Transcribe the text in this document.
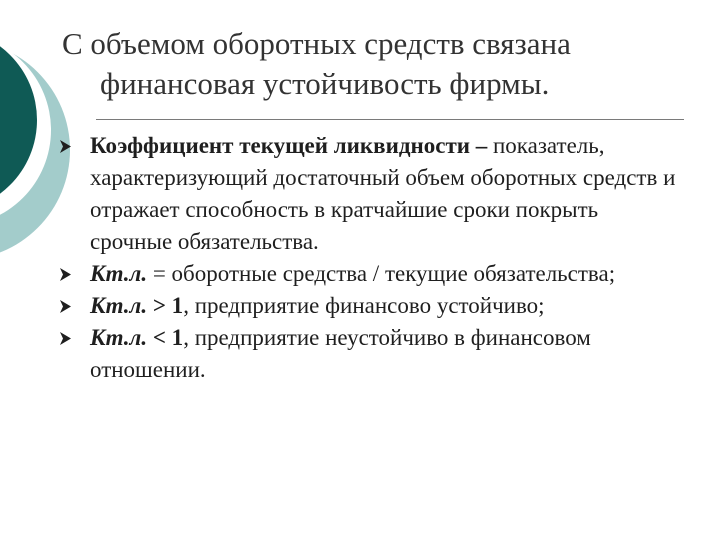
С объемом оборотных средств связана
финансовая устойчивость фирмы.
Коэффициент текущей ликвидности – показатель, характеризующий достаточный объем оборотных средств и отражает способность в кратчайшие сроки покрыть срочные обязательства.
Кт.л. = оборотные средства / текущие обязательства;
Кт.л. > 1, предприятие финансово устойчиво;
Кт.л. < 1, предприятие неустойчиво в финансовом отношении.
